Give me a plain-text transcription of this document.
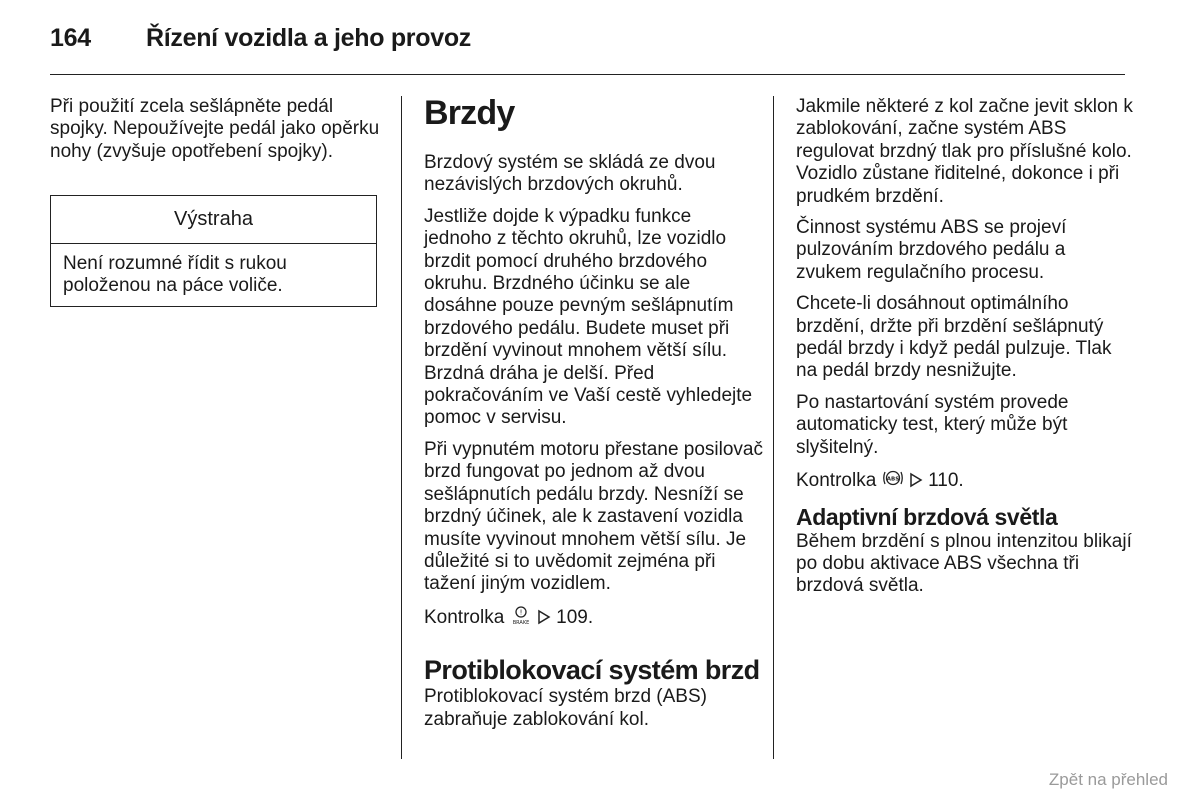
164 Řízení vozidla a jeho provoz

Při použití zcela sešlápněte pedál spojky. Nepoužívejte pedál jako opěrku nohy (zvyšuje opotřebení spojky).

Výstraha
Není rozumné řídit s rukou položenou na páce voliče.
Brzdy

Brzdový systém se skládá ze dvou nezávislých brzdových okruhů.

Jestliže dojde k výpadku funkce jednoho z těchto okruhů, lze vozidlo brzdit pomocí druhého brzdového okruhu. Brzdného účinku se ale dosáhne pouze pevným sešlápnutím brzdového pedálu. Budete muset při brzdění vyvinout mnohem větší sílu. Brzdná dráha je delší. Před pokračováním ve Vaší cestě vyhledejte pomoc v servisu.

Při vypnutém motoru přestane posilovač brzd fungovat po jednom až dvou sešlápnutích pedálu brzdy. Nesníží se brzdný účinek, ale k zastavení vozidla musíte vyvinout mnohem větší sílu. Je důležité si to uvědomit zejména při tažení jiným vozidlem.

Kontrolka !
BRAKE 109.

Protiblokovací systém brzd

Protiblokovací systém brzd (ABS) zabraňuje zablokování kol.

Jakmile některé z kol začne jevit sklon k zablokování, začne systém ABS regulovat brzdný tlak pro příslušné kolo. Vozidlo zůstane řiditelné, dokonce i při prudkém brzdění.

Činnost systému ABS se projeví pulzováním brzdového pedálu a zvukem regulačního procesu.

Chcete-li dosáhnout optimálního brzdění, držte při brzdění sešlápnutý pedál brzdy i když pedál pulzuje. Tlak na pedál brzdy nesnižujte.

Po nastartování systém provede automaticky test, který může být slyšitelný.

Kontrolka ABS 110.

Adaptivní brzdová světla

Během brzdění s plnou intenzitou blikají po dobu aktivace ABS všechna tři brzdová světla.

Zpět na přehled
